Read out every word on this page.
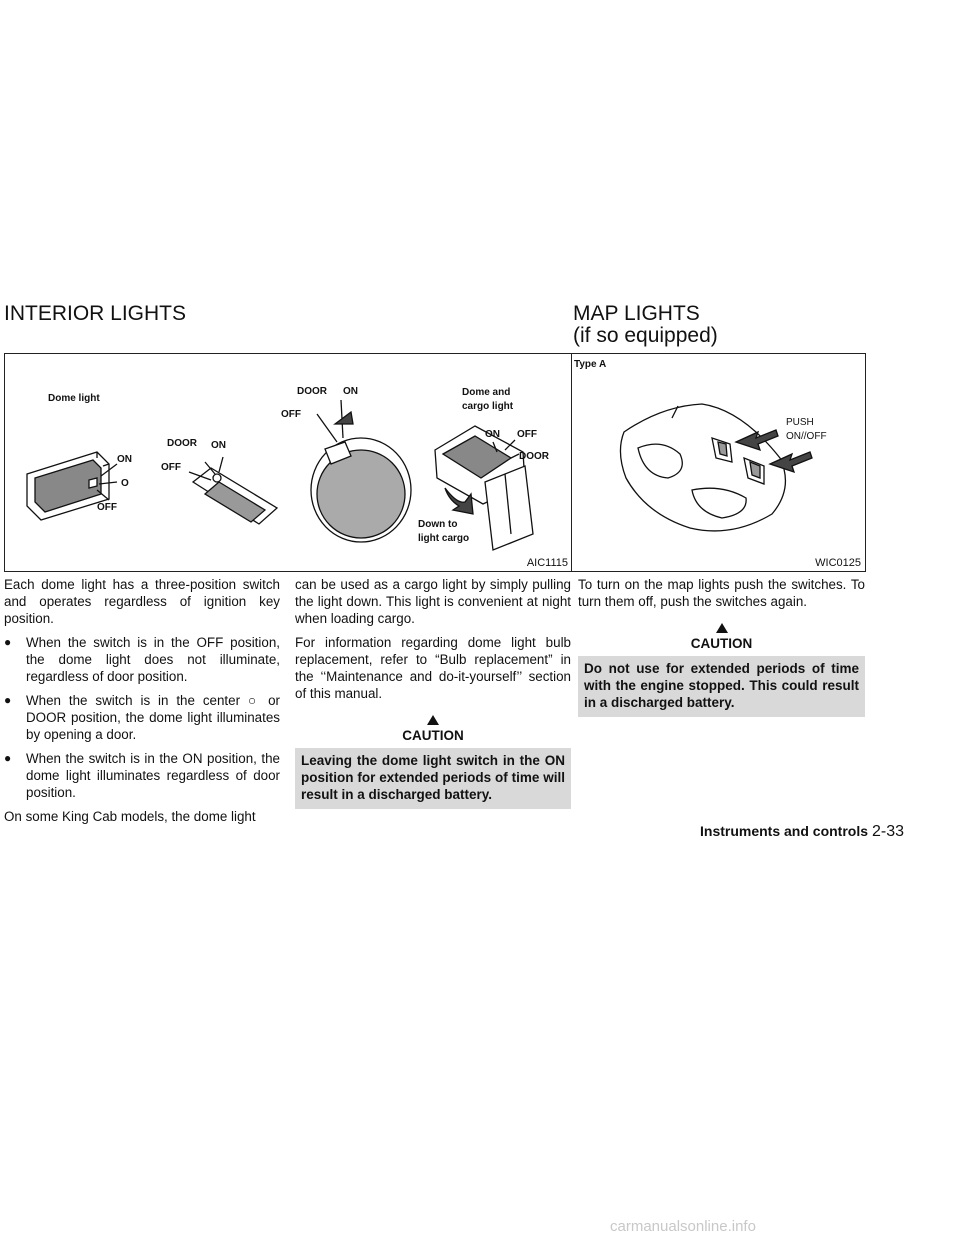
INTERIOR LIGHTS	MAP LIGHTS
(if so equipped)
Dome light
ON
O
OFF
DOOR ON
OFF
DOOR ON
OFF
Dome and
cargo light
ON OFF
DOOR
Down to
light cargo
AIC1115
Type A
PUSH
ON//OFF
WIC0125

Each dome light has a three-position switch and operates regardless of ignition key position.

● When the switch is in the OFF position, the dome light does not illuminate, regardless of door position.
● When the switch is in the center ○ or DOOR position, the dome light illuminates by opening a door.
● When the switch is in the ON position, the dome light illuminates regardless of door position.

On some King Cab models, the dome light

can be used as a cargo light by simply pulling the light down. This light is convenient at night when loading cargo.

For information regarding dome light bulb replacement, refer to “Bulb replacement” in the ‘‘Maintenance and do-it-yourself’’ section of this manual.

CAUTION
Leaving the dome light switch in the ON position for extended periods of time will result in a discharged battery.

To turn on the map lights push the switches. To turn them off, push the switches again.

CAUTION
Do not use for extended periods of time with the engine stopped. This could result in a discharged battery.
Instruments and controls 2-33
carmanualsonline.info
